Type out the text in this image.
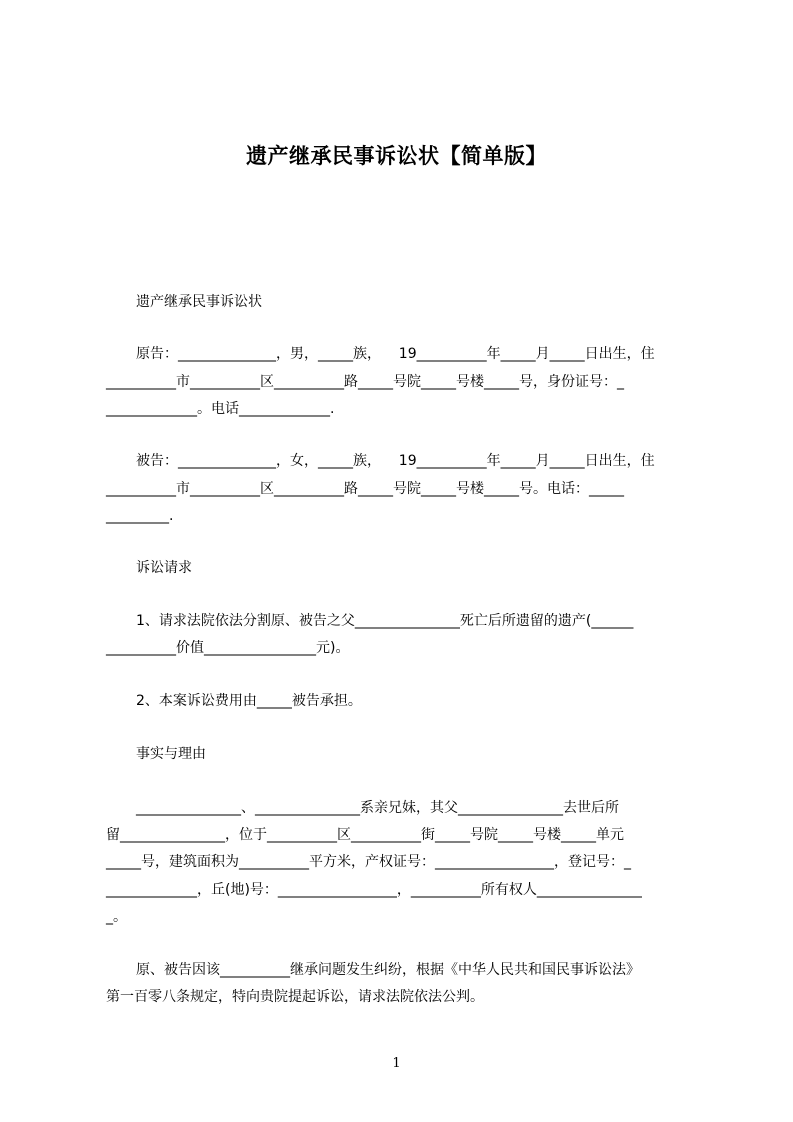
遗产继承民事诉讼状【简单版】
遗产继承民事诉讼状
原告：______________，男，_____族，    19__________年_____月_____日出生，住
__________市__________区__________路_____号院_____号楼_____号，身份证号：_
_____________。电话_____________.
被告：______________，女，_____族，    19__________年_____月_____日出生，住
__________市__________区__________路_____号院_____号楼_____号。电话：_____
_________.
诉讼请求
1、请求法院依法分割原、被告之父_______________死亡后所遗留的遗产(______
__________价值________________元)。
2、本案诉讼费用由_____被告承担。
事实与理由
_______________、_______________系亲兄妹，其父_______________去世后所
留_______________，位于__________区__________街_____号院_____号楼_____单元
_____号，建筑面积为__________平方米，产权证号：_________________，登记号：_
_____________，丘(地)号：_________________，__________所有权人_______________
_。
原、被告因该__________继承问题发生纠纷，根据《中华人民共和国民事诉讼法》
第一百零八条规定，特向贵院提起诉讼，请求法院依法公判。
1
